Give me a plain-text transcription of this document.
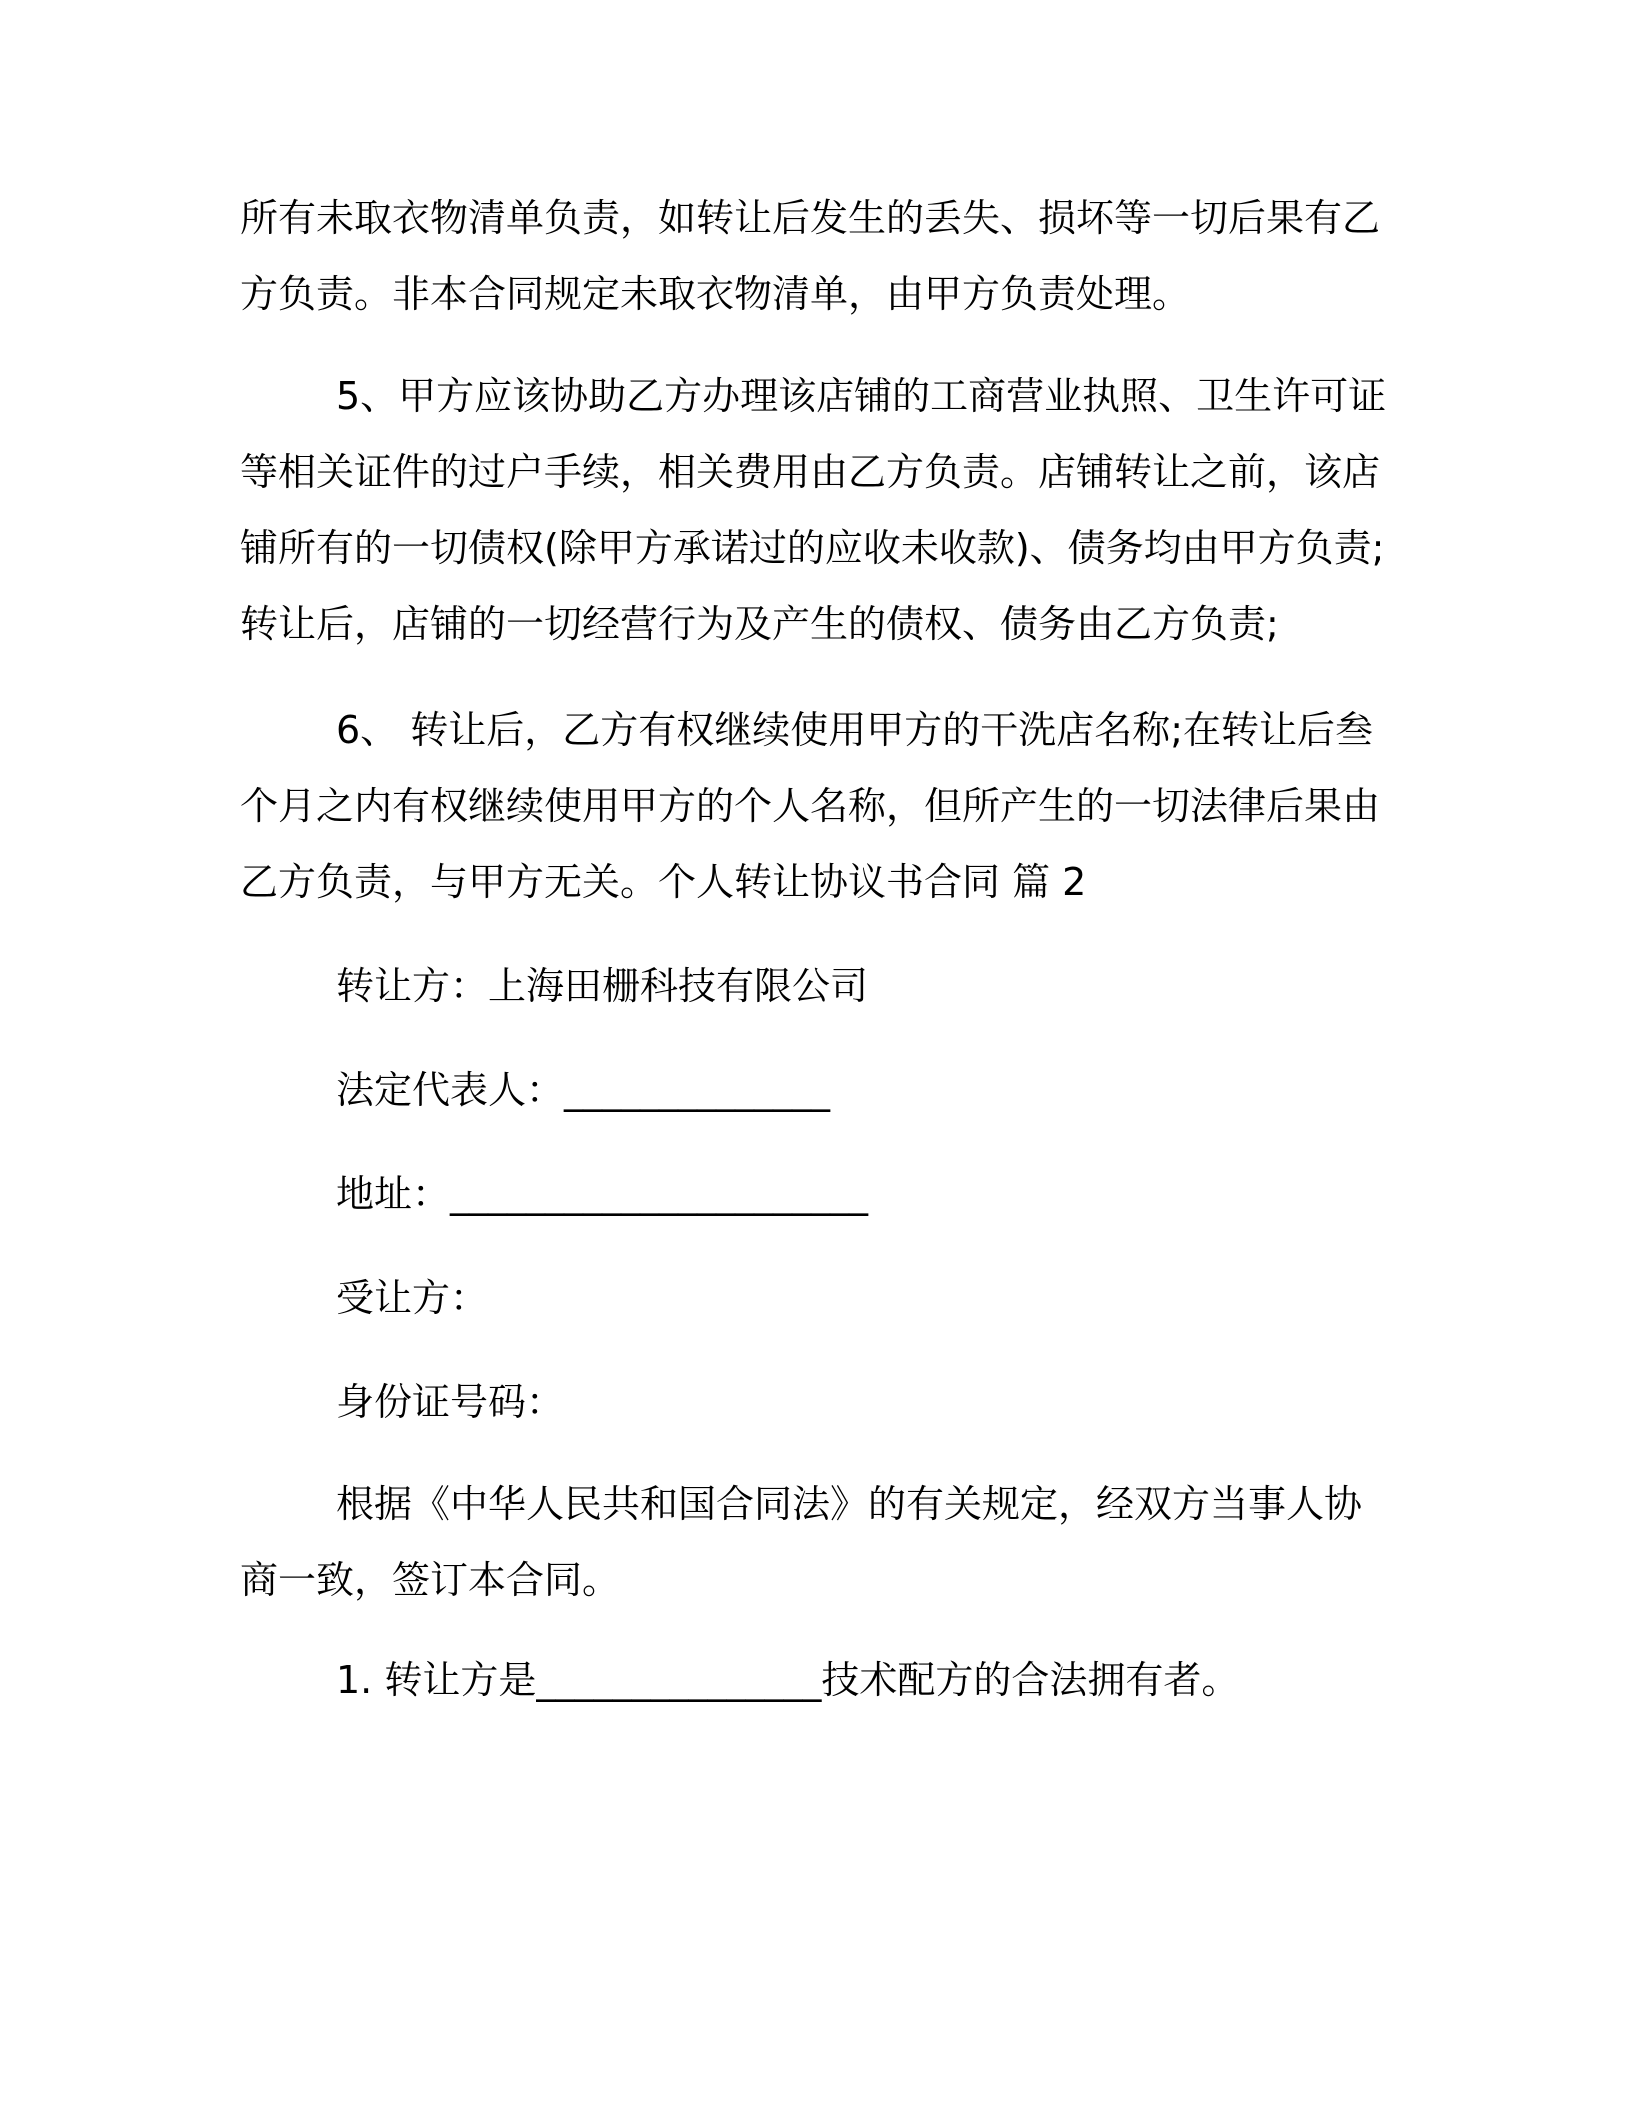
所有未取衣物清单负责，如转让后发生的丢失、损坏等一切后果有乙方负责。非本合同规定未取衣物清单，由甲方负责处理。

5、甲方应该协助乙方办理该店铺的工商营业执照、卫生许可证等相关证件的过户手续，相关费用由乙方负责。店铺转让之前，该店铺所有的一切债权(除甲方承诺过的应收未收款)、债务均由甲方负责;转让后，店铺的一切经营行为及产生的债权、债务由乙方负责;

6、 转让后，乙方有权继续使用甲方的干洗店名称;在转让后叁个月之内有权继续使用甲方的个人名称，但所产生的一切法律后果由乙方负责，与甲方无关。个人转让协议书合同 篇 2

转让方：上海田栅科技有限公司

法定代表人：______________

地址：______________________

受让方：

身份证号码：

根据《中华人民共和国合同法》的有关规定，经双方当事人协商一致，签订本合同。

1. 转让方是_______________技术配方的合法拥有者。
